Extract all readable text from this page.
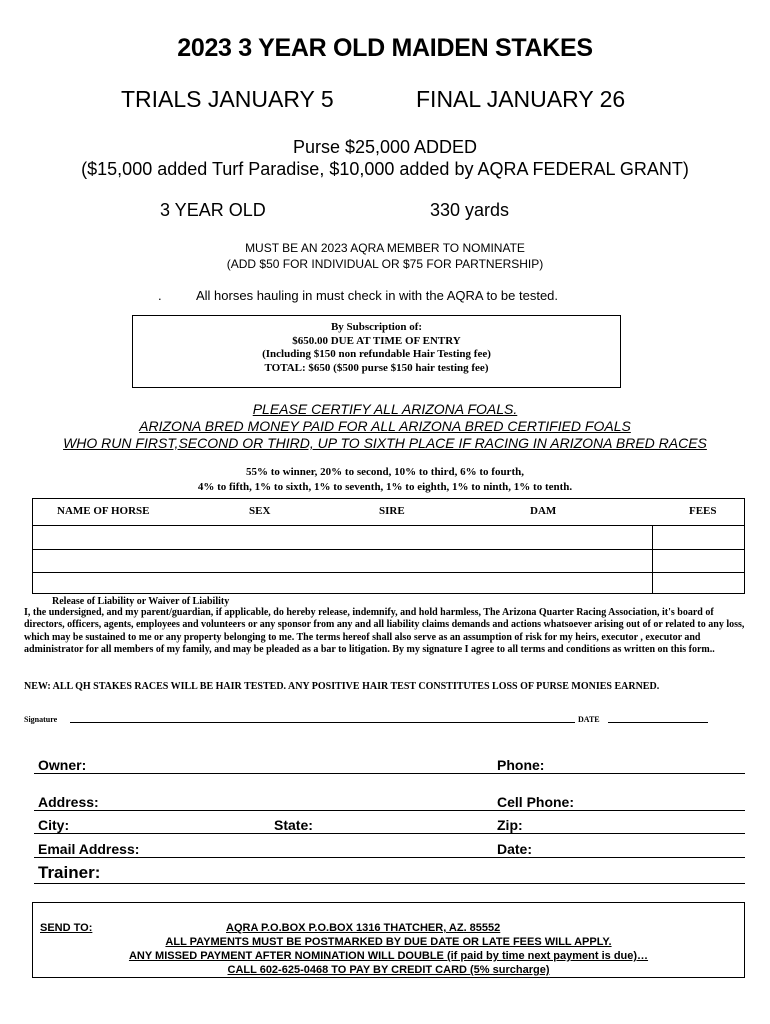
2023 3 YEAR OLD MAIDEN STAKES
TRIALS JANUARY 5	FINAL JANUARY 26
Purse $25,000 ADDED
($15,000 added Turf Paradise, $10,000 added by AQRA FEDERAL GRANT)
3 YEAR OLD	330 yards
MUST BE AN 2023 AQRA MEMBER TO NOMINATE
(ADD $50 FOR INDIVIDUAL OR $75 FOR PARTNERSHIP)
.	All horses hauling in must check in with the AQRA to be tested.
By Subscription of:
$650.00 DUE AT TIME OF ENTRY
(Including $150 non refundable Hair Testing fee)
TOTAL: $650 ($500 purse $150 hair testing fee)
PLEASE CERTIFY ALL ARIZONA FOALS.
ARIZONA BRED MONEY PAID FOR ALL ARIZONA BRED CERTIFIED FOALS
WHO RUN FIRST,SECOND OR THIRD, UP TO SIXTH PLACE IF RACING IN ARIZONA BRED RACES
55% to winner, 20% to second, 10% to third, 6% to fourth,
4% to fifth, 1% to sixth, 1% to seventh, 1% to eighth, 1% to ninth, 1% to tenth.
NAME OF HORSE	SEX	SIRE	DAM	FEES
Release of Liability or Waiver of Liability
I, the undersigned, and my parent/guardian, if applicable, do hereby release, indemnify, and hold harmless, The Arizona Quarter Racing Association, it's board of directors, officers, agents, employees and volunteers or any sponsor from any and all liability claims demands and actions whatsoever arising out of or related to any loss, which may be sustained to me or any property belonging to me. The terms hereof shall also serve as an assumption of risk for my heirs, executor , executor and administrator for all members of my family, and may be pleaded as a bar to litigation. By my signature I agree to all terms and conditions as written on this form..
NEW: ALL QH STAKES RACES WILL BE HAIR TESTED. ANY POSITIVE HAIR TEST CONSTITUTES LOSS OF PURSE MONIES EARNED.
Signature	DATE
Owner:	Phone:
Address:	Cell Phone:
City:	State:	Zip:
Email Address:	Date:
Trainer:
SEND TO:	AQRA P.O.BOX P.O.BOX 1316 THATCHER, AZ. 85552
ALL PAYMENTS MUST BE POSTMARKED BY DUE DATE OR LATE FEES WILL APPLY.
ANY MISSED PAYMENT AFTER NOMINATION WILL DOUBLE (if paid by time next payment is due)…
CALL 602-625-0468 TO PAY BY CREDIT CARD (5% surcharge)
